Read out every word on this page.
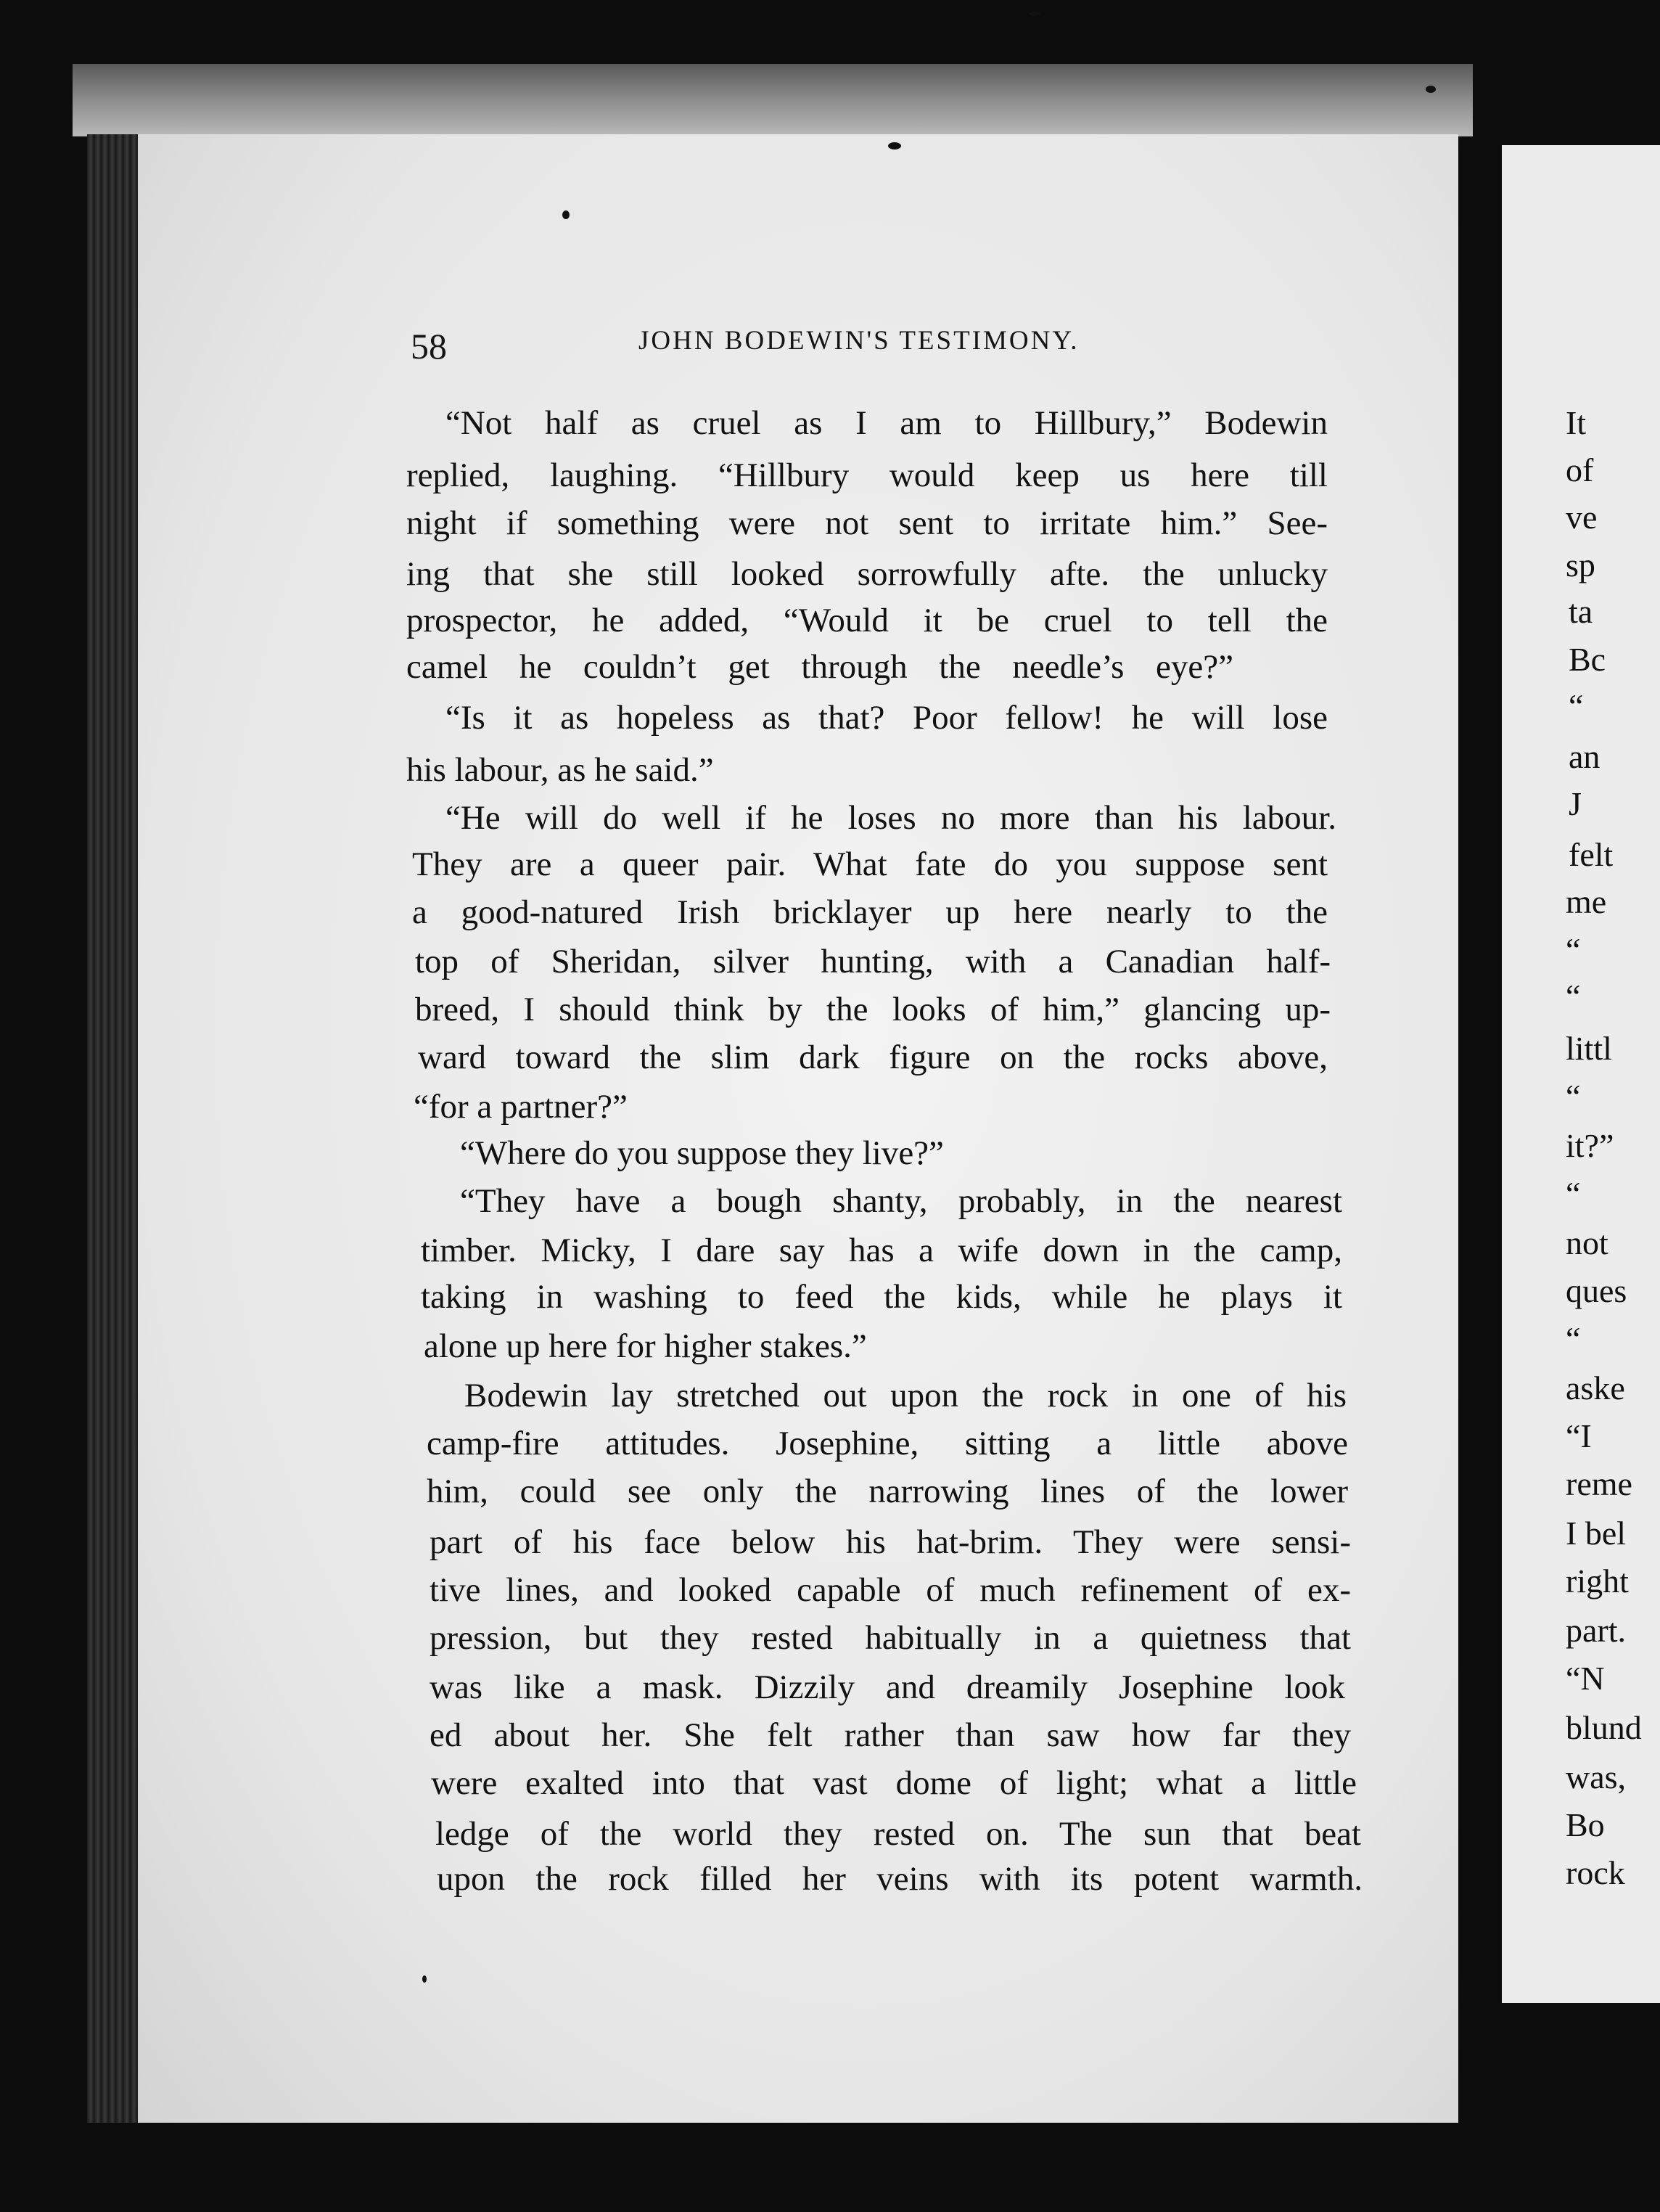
58	JOHN BODEWIN'S TESTIMONY.
“Not half as cruel as I am to Hillbury,” Bodewin
replied, laughing. “Hillbury would keep us here till
night if something were not sent to irritate him.” See-
ing that she still looked sorrowfully afte. the unlucky
prospector, he added, “Would it be cruel to tell the
camel he couldn’t get through the needle’s eye?”
“Is it as hopeless as that? Poor fellow! he will lose
his labour, as he said.”
“He will do well if he loses no more than his labour.
They are a queer pair. What fate do you suppose sent
a good-natured Irish bricklayer up here nearly to the
top of Sheridan, silver hunting, with a Canadian half-
breed, I should think by the looks of him,” glancing up-
ward toward the slim dark figure on the rocks above,
“for a partner?”
“Where do you suppose they live?”
“They have a bough shanty, probably, in the nearest
timber. Micky, I dare say has a wife down in the camp,
taking in washing to feed the kids, while he plays it
alone up here for higher stakes.”
Bodewin lay stretched out upon the rock in one of his
camp-fire attitudes. Josephine, sitting a little above
him, could see only the narrowing lines of the lower
part of his face below his hat-brim. They were sensi-
tive lines, and looked capable of much refinement of ex-
pression, but they rested habitually in a quietness that
was like a mask. Dizzily and dreamily Josephine look
ed about her. She felt rather than saw how far they
were exalted into that vast dome of light; what a little
ledge of the world they rested on. The sun that beat
upon the rock filled her veins with its potent warmth.
It
of
ve
sp
ta
Bc
“
an
J
felt
me
“
“
littl
“
it?”
“
not
ques
“
aske
“I
reme
I bel
right
part.
“N
blund
was,
Bo
rock
